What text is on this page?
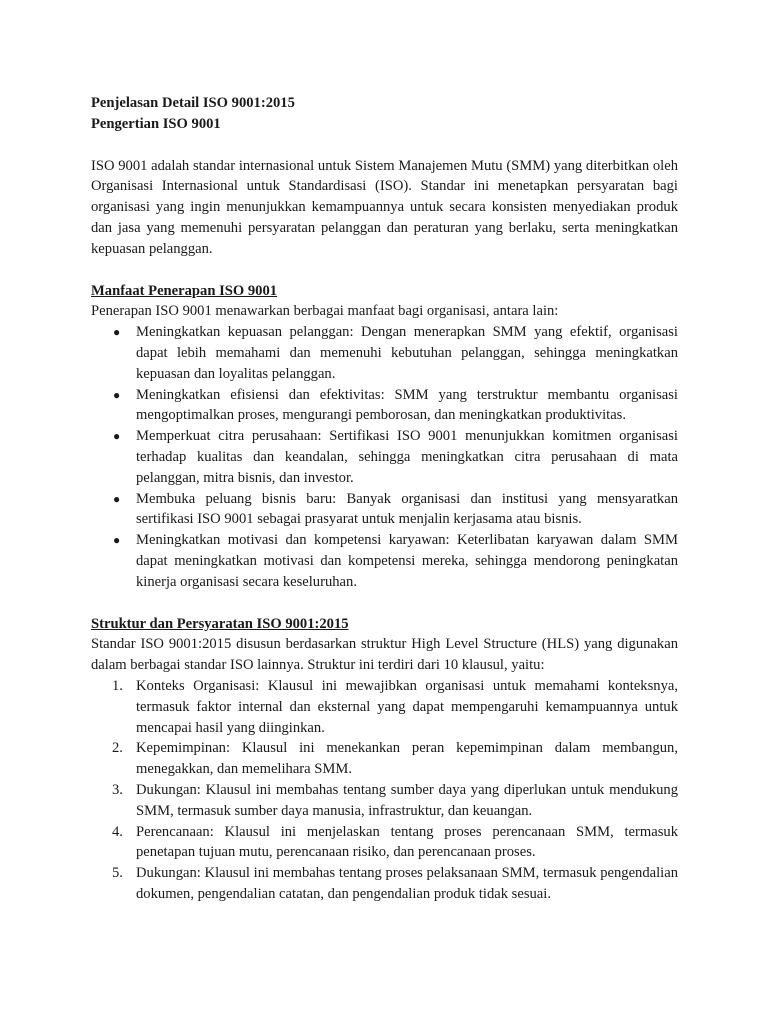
Penjelasan Detail ISO 9001:2015

Pengertian ISO 9001

ISO 9001 adalah standar internasional untuk Sistem Manajemen Mutu (SMM) yang diterbitkan oleh Organisasi Internasional untuk Standardisasi (ISO). Standar ini menetapkan persyaratan bagi organisasi yang ingin menunjukkan kemampuannya untuk secara konsisten menyediakan produk dan jasa yang memenuhi persyaratan pelanggan dan peraturan yang berlaku, serta meningkatkan kepuasan pelanggan.

Manfaat Penerapan ISO 9001

Penerapan ISO 9001 menawarkan berbagai manfaat bagi organisasi, antara lain:

● Meningkatkan kepuasan pelanggan: Dengan menerapkan SMM yang efektif, organisasi dapat lebih memahami dan memenuhi kebutuhan pelanggan, sehingga meningkatkan kepuasan dan loyalitas pelanggan.
● Meningkatkan efisiensi dan efektivitas: SMM yang terstruktur membantu organisasi mengoptimalkan proses, mengurangi pemborosan, dan meningkatkan produktivitas.
● Memperkuat citra perusahaan: Sertifikasi ISO 9001 menunjukkan komitmen organisasi terhadap kualitas dan keandalan, sehingga meningkatkan citra perusahaan di mata pelanggan, mitra bisnis, dan investor.
● Membuka peluang bisnis baru: Banyak organisasi dan institusi yang mensyaratkan sertifikasi ISO 9001 sebagai prasyarat untuk menjalin kerjasama atau bisnis.
● Meningkatkan motivasi dan kompetensi karyawan: Keterlibatan karyawan dalam SMM dapat meningkatkan motivasi dan kompetensi mereka, sehingga mendorong peningkatan kinerja organisasi secara keseluruhan.

Struktur dan Persyaratan ISO 9001:2015

Standar ISO 9001:2015 disusun berdasarkan struktur High Level Structure (HLS) yang digunakan dalam berbagai standar ISO lainnya. Struktur ini terdiri dari 10 klausul, yaitu:

1. Konteks Organisasi: Klausul ini mewajibkan organisasi untuk memahami konteksnya, termasuk faktor internal dan eksternal yang dapat mempengaruhi kemampuannya untuk mencapai hasil yang diinginkan.
2. Kepemimpinan: Klausul ini menekankan peran kepemimpinan dalam membangun, menegakkan, dan memelihara SMM.
3. Dukungan: Klausul ini membahas tentang sumber daya yang diperlukan untuk mendukung SMM, termasuk sumber daya manusia, infrastruktur, dan keuangan.
4. Perencanaan: Klausul ini menjelaskan tentang proses perencanaan SMM, termasuk penetapan tujuan mutu, perencanaan risiko, dan perencanaan proses.
5. Dukungan: Klausul ini membahas tentang proses pelaksanaan SMM, termasuk pengendalian dokumen, pengendalian catatan, dan pengendalian produk tidak sesuai.
